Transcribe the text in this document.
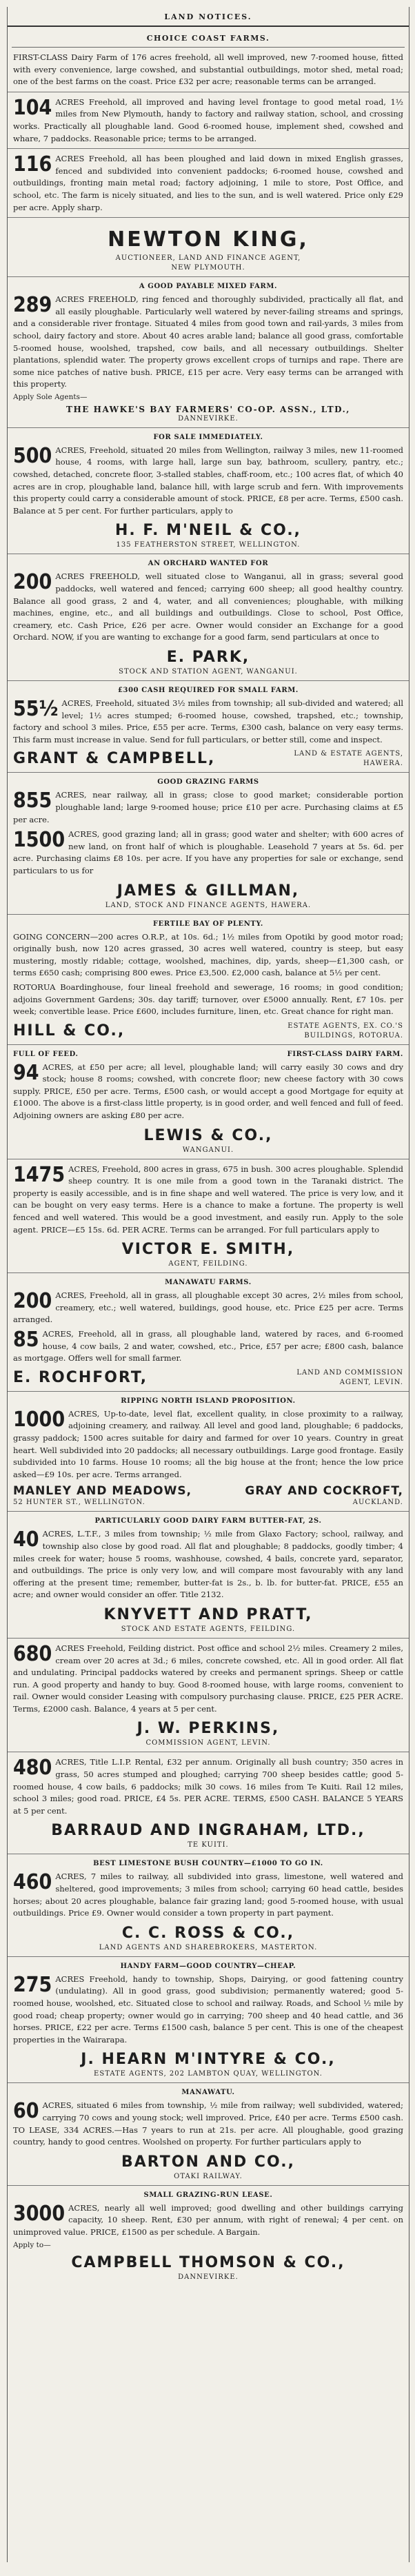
LAND NOTICES.
CHOICE COAST FARMS.
FIRST-CLASS Dairy Farm of 176 acres freehold, all well improved, new 7-roomed house, fitted with every convenience, large cowshed, and substantial outbuildings, motor shed, metal road; one of the best farms on the coast. Price £32 per acre; reasonable terms can be arranged.
104 ACRES Freehold, all improved and having level frontage to good metal road, 1½ miles from New Plymouth, handy to factory and railway station, school, and crossing works. Practically all ploughable land. Good 6-roomed house, implement shed, cowshed and whare, 7 paddocks. Reasonable price; terms to be arranged.
116 ACRES Freehold, all has been ploughed and laid down in mixed English grasses, fenced and subdivided into convenient paddocks; 6-roomed house, cowshed and outbuildings, fronting main metal road; factory adjoining, 1 mile to store, Post Office, and school, etc. The farm is nicely situated, and lies to the sun, and is well watered. Price only £29 per acre. Apply sharp.
NEWTON KING,
AUCTIONEER, LAND AND FINANCE AGENT,
NEW PLYMOUTH.
A GOOD PAYABLE MIXED FARM.
289 ACRES FREEHOLD, ring fenced and thoroughly subdivided, practically all flat, and all easily ploughable. Particularly well watered by never-failing streams and springs, and a considerable river frontage. Situated 4 miles from good town and rail-yards, 3 miles from school, dairy factory and store. About 40 acres arable land; balance all good grass, comfortable 5-roomed house, woolshed, trapshed, cow bails, and all necessary outbuildings. Shelter plantations, splendid water. The property grows excellent crops of turnips and rape. There are some nice patches of native bush. PRICE, £15 per acre. Very easy terms can be arranged with this property.
Apply Sole Agents—
THE HAWKE'S BAY FARMERS' CO-OP. ASSN., LTD.,
DANNEVIRKE.
FOR SALE IMMEDIATELY.
500 ACRES, Freehold, situated 20 miles from Wellington, railway 3 miles, new 11-roomed house, 4 rooms, with large hall, large sun bay, bathroom, scullery, pantry, etc.; cowshed, detached, concrete floor, 3-stalled stables, chaff-room, etc.; 100 acres flat, of which 40 acres are in crop, ploughable land, balance hill, with large scrub and fern. With improvements this property could carry a considerable amount of stock. PRICE, £8 per acre. Terms, £500 cash. Balance at 5 per cent. For further particulars, apply to
H. F. M'NEIL & CO.,
135 FEATHERSTON STREET, WELLINGTON.
AN ORCHARD WANTED FOR
200 ACRES FREEHOLD, well situated close to Wanganui, all in grass; several good paddocks, well watered and fenced; carrying 600 sheep; all good healthy country. Balance all good grass, 2 and 4, water, and all conveniences; ploughable, with milking machines, engine, etc., and all buildings and outbuildings. Close to school, Post Office, creamery, etc. Cash Price, £26 per acre. Owner would consider an Exchange for a good Orchard. NOW, if you are wanting to exchange for a good farm, send particulars at once to
E. PARK,
STOCK AND STATION AGENT, WANGANUI.
£300 CASH REQUIRED FOR SMALL FARM.
55½ ACRES, Freehold, situated 3½ miles from township; all sub-divided and watered; all level; 1½ acres stumped; 6-roomed house, cowshed, trapshed, etc.; township, factory and school 3 miles. Price, £55 per acre. Terms, £300 cash, balance on very easy terms. This farm must increase in value. Send for full particulars, or better still, come and inspect.
GRANT & CAMPBELL,	LAND & ESTATE AGENTS, HAWERA.
GOOD GRAZING FARMS
855 ACRES, near railway, all in grass; close to good market; considerable portion ploughable land; large 9-roomed house; price £10 per acre. Purchasing claims at £5 per acre.
1500 ACRES, good grazing land; all in grass; good water and shelter; with 600 acres of new land, on front half of which is ploughable. Leasehold 7 years at 5s. 6d. per acre. Purchasing claims £8 10s. per acre. If you have any properties for sale or exchange, send particulars to us for
JAMES & GILLMAN,
LAND, STOCK AND FINANCE AGENTS, HAWERA.
FERTILE BAY OF PLENTY.
GOING CONCERN—200 acres O.R.P., at 10s. 6d.; 1½ miles from Opotiki by good motor road; originally bush, now 120 acres grassed, 30 acres well watered, country is steep, but easy mustering, mostly ridable; cottage, woolshed, machines, dip, yards, sheep—£1,300 cash, or terms £650 cash; comprising 800 ewes. Price £3,500. £2,000 cash, balance at 5½ per cent.
ROTORUA Boardinghouse, four lineal freehold and sewerage, 16 rooms; in good condition; adjoins Government Gardens; 30s. day tariff; turnover, over £5000 annually. Rent, £7 10s. per week; convertible lease. Price £600, includes furniture, linen, etc. Great chance for right man.
HILL & CO.,	ESTATE AGENTS, EX. CO.'S BUILDINGS, ROTORUA.
FULL OF FEED.	FIRST-CLASS DAIRY FARM.
94 ACRES, at £50 per acre; all level, ploughable land; will carry easily 30 cows and dry stock; house 8 rooms; cowshed, with concrete floor; new cheese factory with 30 cows supply. PRICE, £50 per acre. Terms, £500 cash, or would accept a good Mortgage for equity at £1000. The above is a first-class little property, is in good order, and well fenced and full of feed. Adjoining owners are asking £80 per acre.
LEWIS & CO.,
WANGANUI.
1475 ACRES, Freehold, 800 acres in grass, 675 in bush. 300 acres ploughable. Splendid sheep country. It is one mile from a good town in the Taranaki district. The property is easily accessible, and is in fine shape and well watered. The price is very low, and it can be bought on very easy terms. Here is a chance to make a fortune. The property is well fenced and well watered. This would be a good investment, and easily run. Apply to the sole agent. PRICE—£5 15s. 6d. PER ACRE. Terms can be arranged. For full particulars apply to
VICTOR E. SMITH,
AGENT, FEILDING.
MANAWATU FARMS.
200 ACRES, Freehold, all in grass, all ploughable except 30 acres, 2½ miles from school, creamery, etc.; well watered, buildings, good house, etc. Price £25 per acre. Terms arranged.
85 ACRES, Freehold, all in grass, all ploughable land, watered by races, and 6-roomed house, 4 cow bails, 2 and water, cowshed, etc., Price, £57 per acre; £800 cash, balance as mortgage. Offers well for small farmer.
E. ROCHFORT,	LAND AND COMMISSION AGENT, LEVIN.
RIPPING NORTH ISLAND PROPOSITION.
1000 ACRES, Up-to-date, level flat, excellent quality, in close proximity to a railway, adjoining creamery, and railway. All level and good land, ploughable; 6 paddocks, grassy paddock; 1500 acres suitable for dairy and farmed for over 10 years. Country in great heart. Well subdivided into 20 paddocks; all necessary outbuildings. Large good frontage. Easily subdivided into 10 farms. House 10 rooms; all the big house at the front; hence the low price asked—£9 10s. per acre. Terms arranged.
MANLEY AND MEADOWS,	GRAY AND COCKROFT,
52 HUNTER ST., WELLINGTON.	AUCKLAND.
PARTICULARLY GOOD DAIRY FARM BUTTER-FAT, 2S.
40 ACRES, L.T.F., 3 miles from township; ½ mile from Glaxo Factory; school, railway, and township also close by good road. All flat and ploughable; 8 paddocks, goodly timber; 4 miles creek for water; house 5 rooms, washhouse, cowshed, 4 bails, concrete yard, separator, and outbuildings. The price is only very low, and will compare most favourably with any land offering at the present time; remember, butter-fat is 2s., b. lb. for butter-fat. PRICE, £55 an acre; and owner would consider an offer. Title 2132.
KNYVETT AND PRATT,
STOCK AND ESTATE AGENTS, FEILDING.
680 ACRES Freehold, Feilding district. Post office and school 2½ miles. Creamery 2 miles, cream over 20 acres at 3d.; 6 miles, concrete cowshed, etc. All in good order. All flat and undulating. Principal paddocks watered by creeks and permanent springs. Sheep or cattle run. A good property and handy to buy. Good 8-roomed house, with large rooms, convenient to rail. Owner would consider Leasing with compulsory purchasing clause. PRICE, £25 PER ACRE. Terms, £2000 cash. Balance, 4 years at 5 per cent.
J. W. PERKINS,
COMMISSION AGENT, LEVIN.
480 ACRES, Title L.I.P. Rental, £32 per annum. Originally all bush country; 350 acres in grass, 50 acres stumped and ploughed; carrying 700 sheep besides cattle; good 5-roomed house, 4 cow bails, 6 paddocks; milk 30 cows. 16 miles from Te Kuiti. Rail 12 miles, school 3 miles; good road. PRICE, £4 5s. PER ACRE. TERMS, £500 CASH. BALANCE 5 YEARS at 5 per cent.
BARRAUD AND INGRAHAM, LTD.,
TE KUITI.
BEST LIMESTONE BUSH COUNTRY—£1000 TO GO IN.
460 ACRES, 7 miles to railway, all subdivided into grass, limestone, well watered and sheltered, good improvements; 3 miles from school; carrying 60 head cattle, besides horses; about 20 acres ploughable, balance fair grazing land; good 5-roomed house, with usual outbuildings. Price £9. Owner would consider a town property in part payment.
C. C. ROSS & CO.,
LAND AGENTS AND SHAREBROKERS, MASTERTON.
HANDY FARM—GOOD COUNTRY—CHEAP.
275 ACRES Freehold, handy to township, Shops, Dairying, or good fattening country (undulating). All in good grass, good subdivision; permanently watered; good 5-roomed house, woolshed, etc. Situated close to school and railway. Roads, and School ½ mile by good road; cheap property; owner would go in carrying; 700 sheep and 40 head cattle, and 36 horses. PRICE, £22 per acre. Terms £1500 cash, balance 5 per cent. This is one of the cheapest properties in the Wairarapa.
J. HEARN M'INTYRE & CO.,
ESTATE AGENTS, 202 LAMBTON QUAY, WELLINGTON.
MANAWATU.
60 ACRES, situated 6 miles from township, ½ mile from railway; well subdivided, watered; carrying 70 cows and young stock; well improved. Price, £40 per acre. Terms £500 cash. TO LEASE, 334 ACRES.—Has 7 years to run at 21s. per acre. All ploughable, good grazing country, handy to good centres. Woolshed on property. For further particulars apply to
BARTON AND CO.,
OTAKI RAILWAY.
SMALL GRAZING-RUN LEASE.
3000 ACRES, nearly all well improved; good dwelling and other buildings carrying capacity, 10 sheep. Rent, £30 per annum, with right of renewal; 4 per cent. on unimproved value. PRICE, £1500 as per schedule. A Bargain.
Apply to—
CAMPBELL THOMSON & CO.,
DANNEVIRKE.
